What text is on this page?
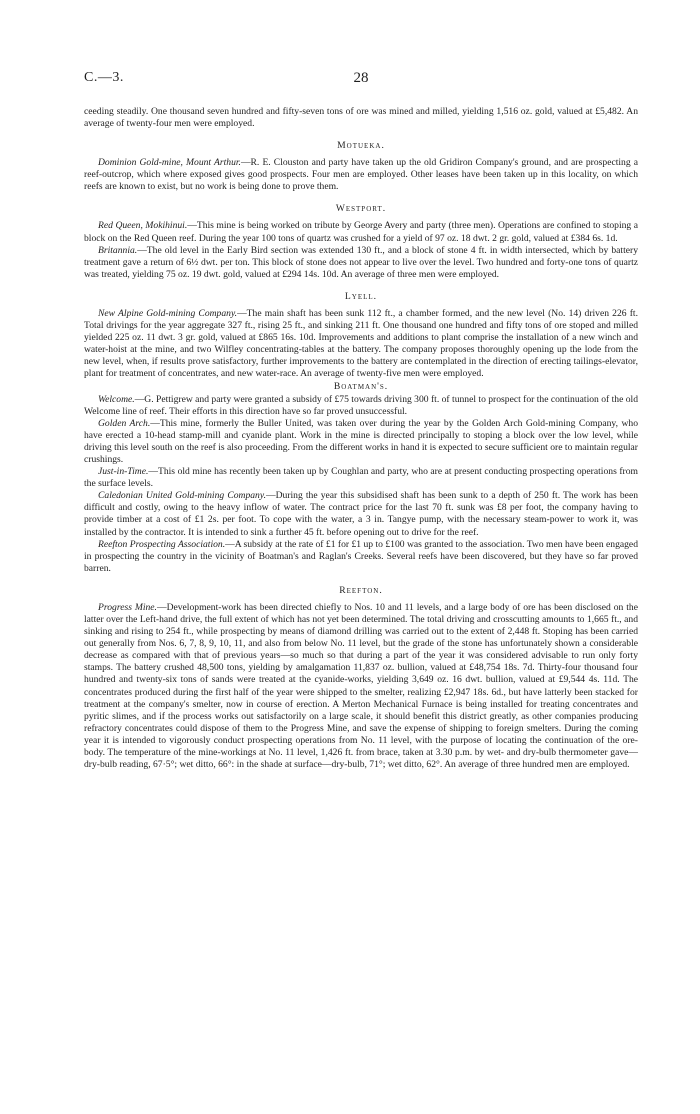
C.—3.	28

ceeding steadily. One thousand seven hundred and fifty-seven tons of ore was mined and milled, yielding 1,516 oz. gold, valued at £5,482. An average of twenty-four men were employed.

Motueka.

Dominion Gold-mine, Mount Arthur.—R. E. Clouston and party have taken up the old Gridiron Company's ground, and are prospecting a reef-outcrop, which where exposed gives good prospects. Four men are employed. Other leases have been taken up in this locality, on which reefs are known to exist, but no work is being done to prove them.

Westport.

Red Queen, Mokihinui.—This mine is being worked on tribute by George Avery and party (three men). Operations are confined to stoping a block on the Red Queen reef. During the year 100 tons of quartz was crushed for a yield of 97 oz. 18 dwt. 2 gr. gold, valued at £384 6s. 1d.

Britannia.—The old level in the Early Bird section was extended 130 ft., and a block of stone 4 ft. in width intersected, which by battery treatment gave a return of 6½ dwt. per ton. This block of stone does not appear to live over the level. Two hundred and forty-one tons of quartz was treated, yielding 75 oz. 19 dwt. gold, valued at £294 14s. 10d. An average of three men were employed.

Lyell.

New Alpine Gold-mining Company.—The main shaft has been sunk 112 ft., a chamber formed, and the new level (No. 14) driven 226 ft. Total drivings for the year aggregate 327 ft., rising 25 ft., and sinking 211 ft. One thousand one hundred and fifty tons of ore stoped and milled yielded 225 oz. 11 dwt. 3 gr. gold, valued at £865 16s. 10d. Improvements and additions to plant comprise the installation of a new winch and water-hoist at the mine, and two Wilfley concentrating-tables at the battery. The company proposes thoroughly opening up the lode from the new level, when, if results prove satisfactory, further improvements to the battery are contemplated in the direction of erecting tailings-elevator, plant for treatment of concentrates, and new water-race. An average of twenty-five men were employed.

Boatman's.

Welcome.—G. Pettigrew and party were granted a subsidy of £75 towards driving 300 ft. of tunnel to prospect for the continuation of the old Welcome line of reef. Their efforts in this direction have so far proved unsuccessful.

Golden Arch.—This mine, formerly the Buller United, was taken over during the year by the Golden Arch Gold-mining Company, who have erected a 10-head stamp-mill and cyanide plant. Work in the mine is directed principally to stoping a block over the low level, while driving this level south on the reef is also proceeding. From the different works in hand it is expected to secure sufficient ore to maintain regular crushings.

Just-in-Time.—This old mine has recently been taken up by Coughlan and party, who are at present conducting prospecting operations from the surface levels.

Caledonian United Gold-mining Company.—During the year this subsidised shaft has been sunk to a depth of 250 ft. The work has been difficult and costly, owing to the heavy inflow of water. The contract price for the last 70 ft. sunk was £8 per foot, the company having to provide timber at a cost of £1 2s. per foot. To cope with the water, a 3 in. Tangye pump, with the necessary steam-power to work it, was installed by the contractor. It is intended to sink a further 45 ft. before opening out to drive for the reef.

Reefton Prospecting Association.—A subsidy at the rate of £1 for £1 up to £100 was granted to the association. Two men have been engaged in prospecting the country in the vicinity of Boatman's and Raglan's Creeks. Several reefs have been discovered, but they have so far proved barren.

Reefton.

Progress Mine.—Development-work has been directed chiefly to Nos. 10 and 11 levels, and a large body of ore has been disclosed on the latter over the Left-hand drive, the full extent of which has not yet been determined. The total driving and crosscutting amounts to 1,665 ft., and sinking and rising to 254 ft., while prospecting by means of diamond drilling was carried out to the extent of 2,448 ft. Stoping has been carried out generally from Nos. 6, 7, 8, 9, 10, 11, and also from below No. 11 level, but the grade of the stone has unfortunately shown a considerable decrease as compared with that of previous years—so much so that during a part of the year it was considered advisable to run only forty stamps. The battery crushed 48,500 tons, yielding by amalgamation 11,837 oz. bullion, valued at £48,754 18s. 7d. Thirty-four thousand four hundred and twenty-six tons of sands were treated at the cyanide-works, yielding 3,649 oz. 16 dwt. bullion, valued at £9,544 4s. 11d. The concentrates produced during the first half of the year were shipped to the smelter, realizing £2,947 18s. 6d., but have latterly been stacked for treatment at the company's smelter, now in course of erection. A Merton Mechanical Furnace is being installed for treating concentrates and pyritic slimes, and if the process works out satisfactorily on a large scale, it should benefit this district greatly, as other companies producing refractory concentrates could dispose of them to the Progress Mine, and save the expense of shipping to foreign smelters. During the coming year it is intended to vigorously conduct prospecting operations from No. 11 level, with the purpose of locating the continuation of the ore-body. The temperature of the mine-workings at No. 11 level, 1,426 ft. from brace, taken at 3.30 p.m. by wet- and dry-bulb thermometer gave—dry-bulb reading, 67·5°; wet ditto, 66°: in the shade at surface—dry-bulb, 71°; wet ditto, 62°. An average of three hundred men are employed.
